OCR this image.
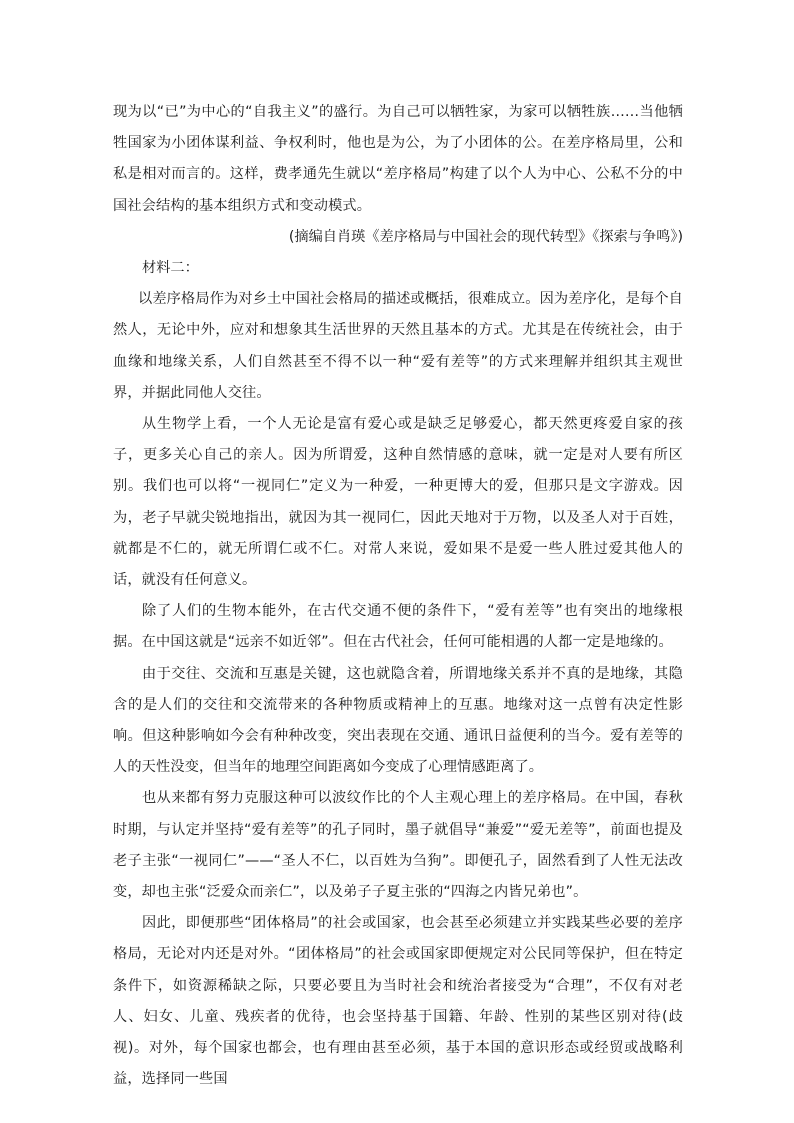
现为以“已”为中心的“自我主义”的盛行。为自己可以牺牲家，为家可以牺牲族……当他牺牲国家为小团体谋利益、争权利时，他也是为公，为了小团体的公。在差序格局里，公和私是相对而言的。这样，费孝通先生就以“差序格局”构建了以个人为中心、公私不分的中国社会结构的基本组织方式和变动模式。

(摘编自肖瑛《差序格局与中国社会的现代转型》《探索与争鸣》)

材料二：

以差序格局作为对乡土中国社会格局的描述或概括，很难成立。因为差序化，是每个自然人，无论中外，应对和想象其生活世界的天然且基本的方式。尤其是在传统社会，由于血缘和地缘关系，人们自然甚至不得不以一种“爱有差等”的方式来理解并组织其主观世界，并据此同他人交往。

从生物学上看，一个人无论是富有爱心或是缺乏足够爱心，都天然更疼爱自家的孩子，更多关心自己的亲人。因为所谓爱，这种自然情感的意味，就一定是对人要有所区别。我们也可以将“一视同仁”定义为一种爱，一种更博大的爱，但那只是文字游戏。因为，老子早就尖锐地指出，就因为其一视同仁，因此天地对于万物，以及圣人对于百姓，就都是不仁的，就无所谓仁或不仁。对常人来说，爱如果不是爱一些人胜过爱其他人的话，就没有任何意义。

除了人们的生物本能外，在古代交通不便的条件下，“爱有差等”也有突出的地缘根据。在中国这就是“远亲不如近邻”。但在古代社会，任何可能相遇的人都一定是地缘的。

由于交往、交流和互惠是关键，这也就隐含着，所谓地缘关系并不真的是地缘，其隐含的是人们的交往和交流带来的各种物质或精神上的互惠。地缘对这一点曾有决定性影响。但这种影响如今会有种种改变，突出表现在交通、通讯日益便利的当今。爱有差等的人的天性没变，但当年的地理空间距离如今变成了心理情感距离了。

也从来都有努力克服这种可以波纹作比的个人主观心理上的差序格局。在中国，春秋时期，与认定并坚持“爱有差等”的孔子同时，墨子就倡导“兼爱”“爱无差等”，前面也提及老子主张“一视同仁”——“圣人不仁，以百姓为刍狗”。即便孔子，固然看到了人性无法改变，却也主张“泛爱众而亲仁”，以及弟子子夏主张的“四海之内皆兄弟也”。

因此，即便那些“团体格局”的社会或国家，也会甚至必须建立并实践某些必要的差序格局，无论对内还是对外。“团体格局”的社会或国家即便规定对公民同等保护，但在特定条件下，如资源稀缺之际，只要必要且为当时社会和统治者接受为“合理”，不仅有对老人、妇女、儿童、残疾者的优待，也会坚持基于国籍、年龄、性别的某些区别对待(歧视)。对外，每个国家也都会，也有理由甚至必须，基于本国的意识形态或经贸或战略利益，选择同一些国
